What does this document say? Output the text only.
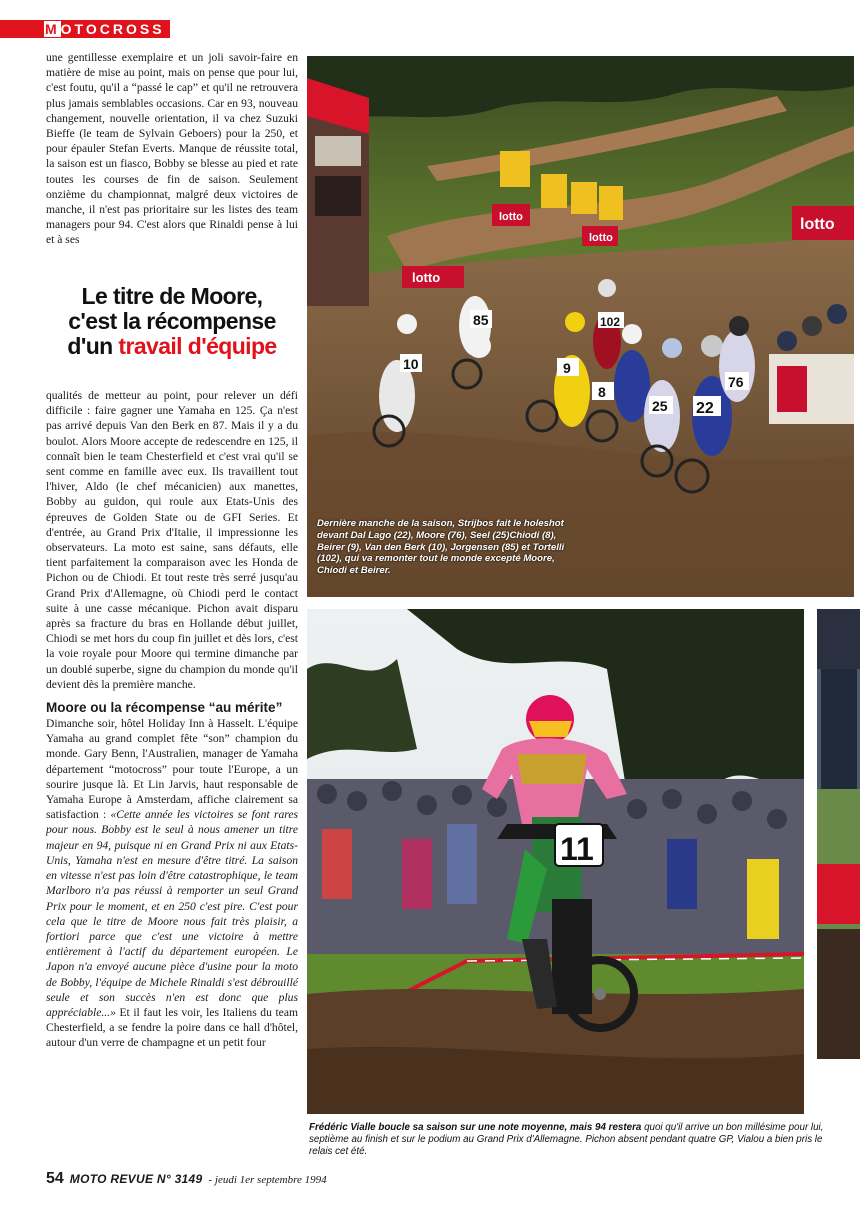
MOTOCROSS

une gentillesse exemplaire et un joli savoir-faire en matière de mise au point, mais on pense que pour lui, c'est foutu, qu'il a “passé le cap” et qu'il ne retrouvera plus jamais semblables occasions. Car en 93, nouveau changement, nouvelle orientation, il va chez Suzuki Bieffe (le team de Sylvain Geboers) pour la 250, et pour épauler Stefan Everts. Manque de réussite total, la saison est un fiasco, Bobby se blesse au pied et rate toutes les courses de fin de saison. Seulement onzième du championnat, malgré deux victoires de manche, il n'est pas prioritaire sur les listes des team managers pour 94. C'est alors que Rinaldi pense à lui et à ses

Le titre de Moore,
c'est la récompense
d'un travail d'équipe

qualités de metteur au point, pour relever un défi difficile : faire gagner une Yamaha en 125. Ça n'est pas arrivé depuis Van den Berk en 87. Mais il y a du boulot. Alors Moore accepte de redescendre en 125, il connaît bien le team Chesterfield et c'est vrai qu'il se sent comme en famille avec eux. Ils travaillent tout l'hiver, Aldo (le chef mécanicien) aux manettes, Bobby au guidon, qui roule aux Etats-Unis des épreuves de Golden State ou de GFI Series. Et d'entrée, au Grand Prix d'Italie, il impressionne les observateurs. La moto est saine, sans défauts, elle tient parfaitement la comparaison avec les Honda de Pichon ou de Chiodi. Et tout reste très serré jusqu'au Grand Prix d'Allemagne, où Chiodi perd le contact suite à une casse mécanique. Pichon avait disparu après sa fracture du bras en Hollande début juillet, Chiodi se met hors du coup fin juillet et dès lors, c'est la voie royale pour Moore qui termine dimanche par un doublé superbe, signe du champion du monde qu'il devient dès la première manche.

Moore ou la récompense “au mérite”

Dimanche soir, hôtel Holiday Inn à Hasselt. L'équipe Yamaha au grand complet fête “son” champion du monde. Gary Benn, l'Australien, manager de Yamaha département “motocross” pour toute l'Europe, a un sourire jusque là. Et Lin Jarvis, haut responsable de Yamaha Europe à Amsterdam, affiche clairement sa satisfaction : «Cette année les victoires se font rares pour nous. Bobby est le seul à nous amener un titre majeur en 94, puisque ni en Grand Prix ni aux Etats-Unis, Yamaha n'est en mesure d'être titré. La saison en vitesse n'est pas loin d'être catastrophique, le team Marlboro n'a pas réussi à remporter un seul Grand Prix pour le moment, et en 250 c'est pire. C'est pour cela que le titre de Moore nous fait très plaisir, a fortiori parce que c'est une victoire à mettre entièrement à l'actif du département européen. Le Japon n'a envoyé aucune pièce d'usine pour la moto de Bobby, l'équipe de Michele Rinaldi s'est débrouillé seule et son succès n'en est donc que plus appréciable...» Et il faut les voir, les Italiens du team Chesterfield, a se fendre la poire dans ce hall d'hôtel, autour d'un verre de champagne et un petit four

lotto
lotto
lotto
lotto
10
85	102
9
8
25 22
76
Dernière manche de la saison, Strijbos fait le holeshot devant Dal Lago (22), Moore (76), Seel (25)Chiodi (8), Beirer (9), Van den Berk (10), Jorgensen (85) et Tortelli (102), qui va remonter tout le monde excepté Moore, Chiodi et Beirer.
11
Frédéric Vialle boucle sa saison sur une note moyenne, mais 94 restera quoi qu'il arrive un bon millésime pour lui, septième au finish et sur le podium au Grand Prix d'Allemagne. Pichon absent pendant quatre GP, Vialou a bien pris le relais cet été.
54 MOTO REVUE N° 3149 - jeudi 1er septembre 1994
